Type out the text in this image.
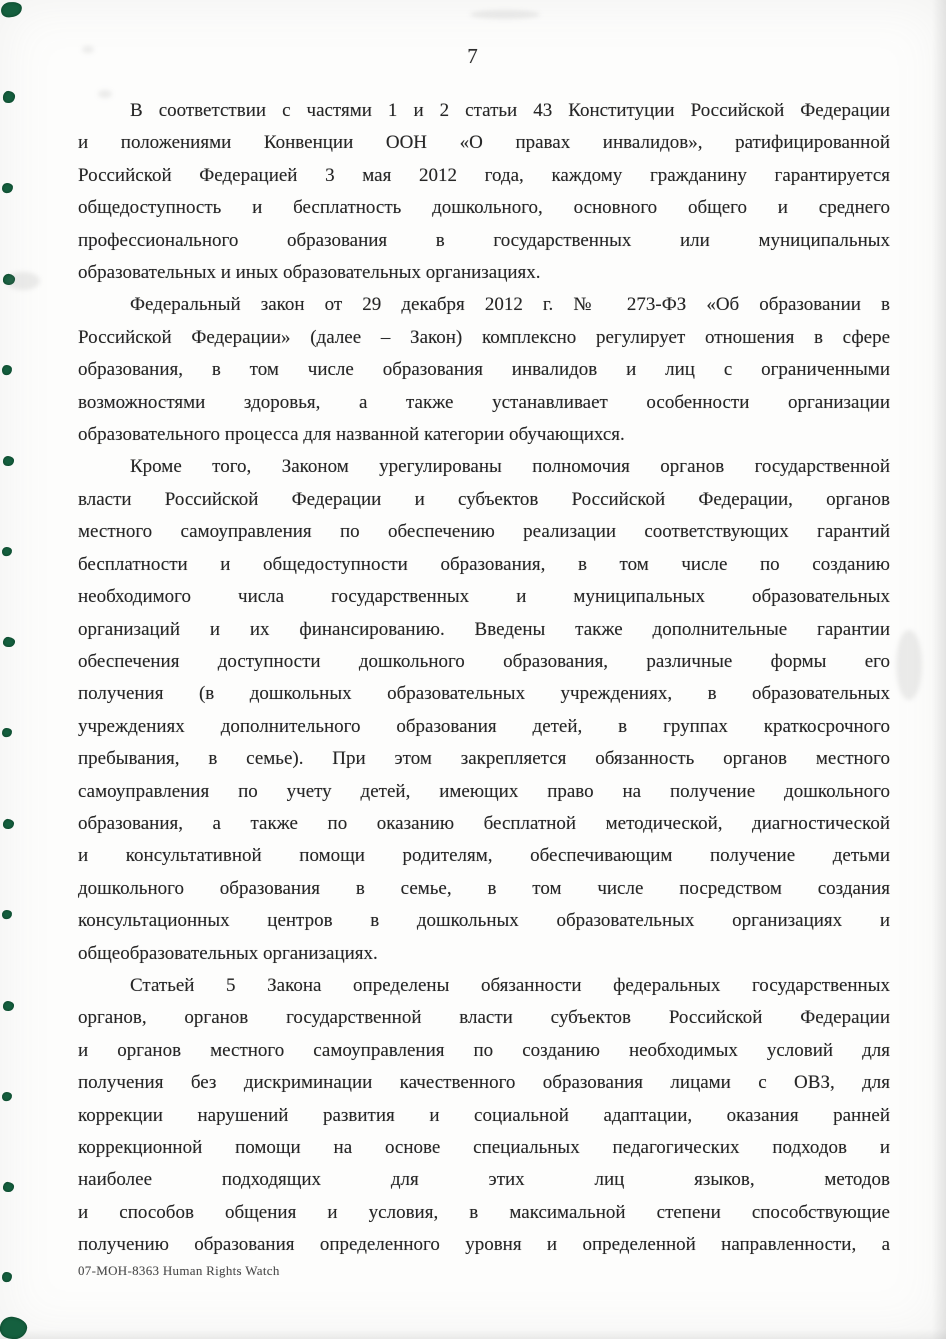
7
В соответствии с частями 1 и 2 статьи 43 Конституции Российской Федерации
и положениями Конвенции ООН «О правах инвалидов», ратифицированной
Российской Федерацией 3 мая 2012 года, каждому гражданину гарантируется
общедоступность и бесплатность дошкольного, основного общего и среднего
профессионального образования в государственных или муниципальных
образовательных и иных образовательных организациях.
Федеральный закон от 29 декабря 2012 г. № 273-ФЗ «Об образовании в
Российской Федерации» (далее – Закон) комплексно регулирует отношения в сфере
образования, в том числе образования инвалидов и лиц с ограниченными
возможностями здоровья, а также устанавливает особенности организации
образовательного процесса для названной категории обучающихся.
Кроме того, Законом урегулированы полномочия органов государственной
власти Российской Федерации и субъектов Российской Федерации, органов
местного самоуправления по обеспечению реализации соответствующих гарантий
бесплатности и общедоступности образования, в том числе по созданию
необходимого числа государственных и муниципальных образовательных
организаций и их финансированию. Введены также дополнительные гарантии
обеспечения доступности дошкольного образования, различные формы его
получения (в дошкольных образовательных учреждениях, в образовательных
учреждениях дополнительного образования детей, в группах краткосрочного
пребывания, в семье). При этом закрепляется обязанность органов местного
самоуправления по учету детей, имеющих право на получение дошкольного
образования, а также по оказанию бесплатной методической, диагностической
и консультативной помощи родителям, обеспечивающим получение детьми
дошкольного образования в семье, в том числе посредством создания
консультационных центров в дошкольных образовательных организациях и
общеобразовательных организациях.
Статьей 5 Закона определены обязанности федеральных государственных
органов, органов государственной власти субъектов Российской Федерации
и органов местного самоуправления по созданию необходимых условий для
получения без дискриминации качественного образования лицами с ОВЗ, для
коррекции нарушений развития и социальной адаптации, оказания ранней
коррекционной помощи на основе специальных педагогических подходов и
наиболее подходящих для этих лиц языков, методов
и способов общения и условия, в максимальной степени способствующие
получению образования определенного уровня и определенной направленности, а
07-MOH-8363 Human Rights Watch
